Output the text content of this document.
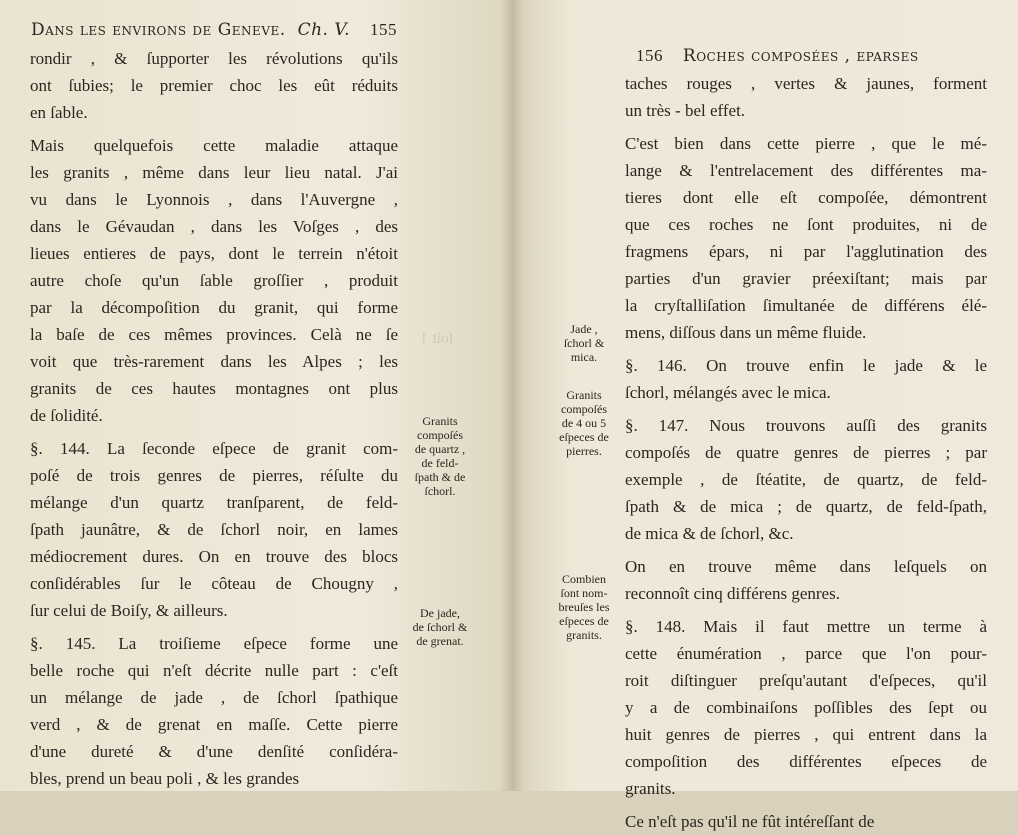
ſoit 1
Dans les environs de Geneve. Ch. V. 155
rondir , & ſupporter les révolutions qu'ils
ont ſubies; le premier choc les eût réduits
en ſable.
Mais quelquefois cette maladie attaque
les granits , même dans leur lieu natal. J'ai
vu dans le Lyonnois , dans l'Auvergne ,
dans le Gévaudan , dans les Voſges , des
lieues entieres de pays, dont le terrein n'étoit
autre choſe qu'un ſable groſſier , produit
par la décompoſition du granit, qui forme
la baſe de ces mêmes provinces. Celà ne ſe
voit que très-rarement dans les Alpes ; les
granits de ces hautes montagnes ont plus
de ſolidité.
§. 144. La ſeconde eſpece de granit com-
poſé de trois genres de pierres, réſulte du
mélange d'un quartz tranſparent, de feld-
ſpath jaunâtre, & de ſchorl noir, en lames
médiocrement dures. On en trouve des blocs
conſidérables ſur le côteau de Chougny ,
ſur celui de Boiſy, & ailleurs.
§. 145. La troiſieme eſpece forme une
belle roche qui n'eſt décrite nulle part : c'eſt
un mélange de jade , de ſchorl ſpathique
verd , & de grenat en maſſe. Cette pierre
d'une dureté & d'une denſité conſidéra-
bles, prend un beau poli , & les grandes
Granits
compoſés
de quartz ,
de feld-
ſpath & de
ſchorl.
De jade,
de ſchorl &
de grenat.
156 Roches composées , eparses
taches rouges , vertes & jaunes, forment
un très - bel effet.
C'est bien dans cette pierre , que le mé-
lange & l'entrelacement des différentes ma-
tieres dont elle eſt compoſée, démontrent
que ces roches ne ſont produites, ni de
fragmens épars, ni par l'agglutination des
parties d'un gravier préexiſtant; mais par
la cryſtalliſation ſimultanée de différens élé-
mens, diſſous dans un même fluide.
§. 146. On trouve enfin le jade & le
ſchorl, mélangés avec le mica.
§. 147. Nous trouvons auſſi des granits
compoſés de quatre genres de pierres ; par
exemple , de ſtéatite, de quartz, de feld-
ſpath & de mica ; de quartz, de feld-ſpath,
de mica & de ſchorl, &c.
On en trouve même dans leſquels on
reconnoît cinq différens genres.
§. 148. Mais il faut mettre un terme à
cette énumération , parce que l'on pour-
roit diſtinguer preſqu'autant d'eſpeces, qu'il
y a de combinaiſons poſſibles des ſept ou
huit genres de pierres , qui entrent dans la
compoſition des différentes eſpeces de
granits.
Ce n'eſt pas qu'il ne fût intéreſſant de
Jade ,
ſchorl &
mica.
Granits
compoſés
de 4 ou 5
eſpeces de
pierres.
Combien
ſont nom-
breuſes les
eſpeces de
granits.
